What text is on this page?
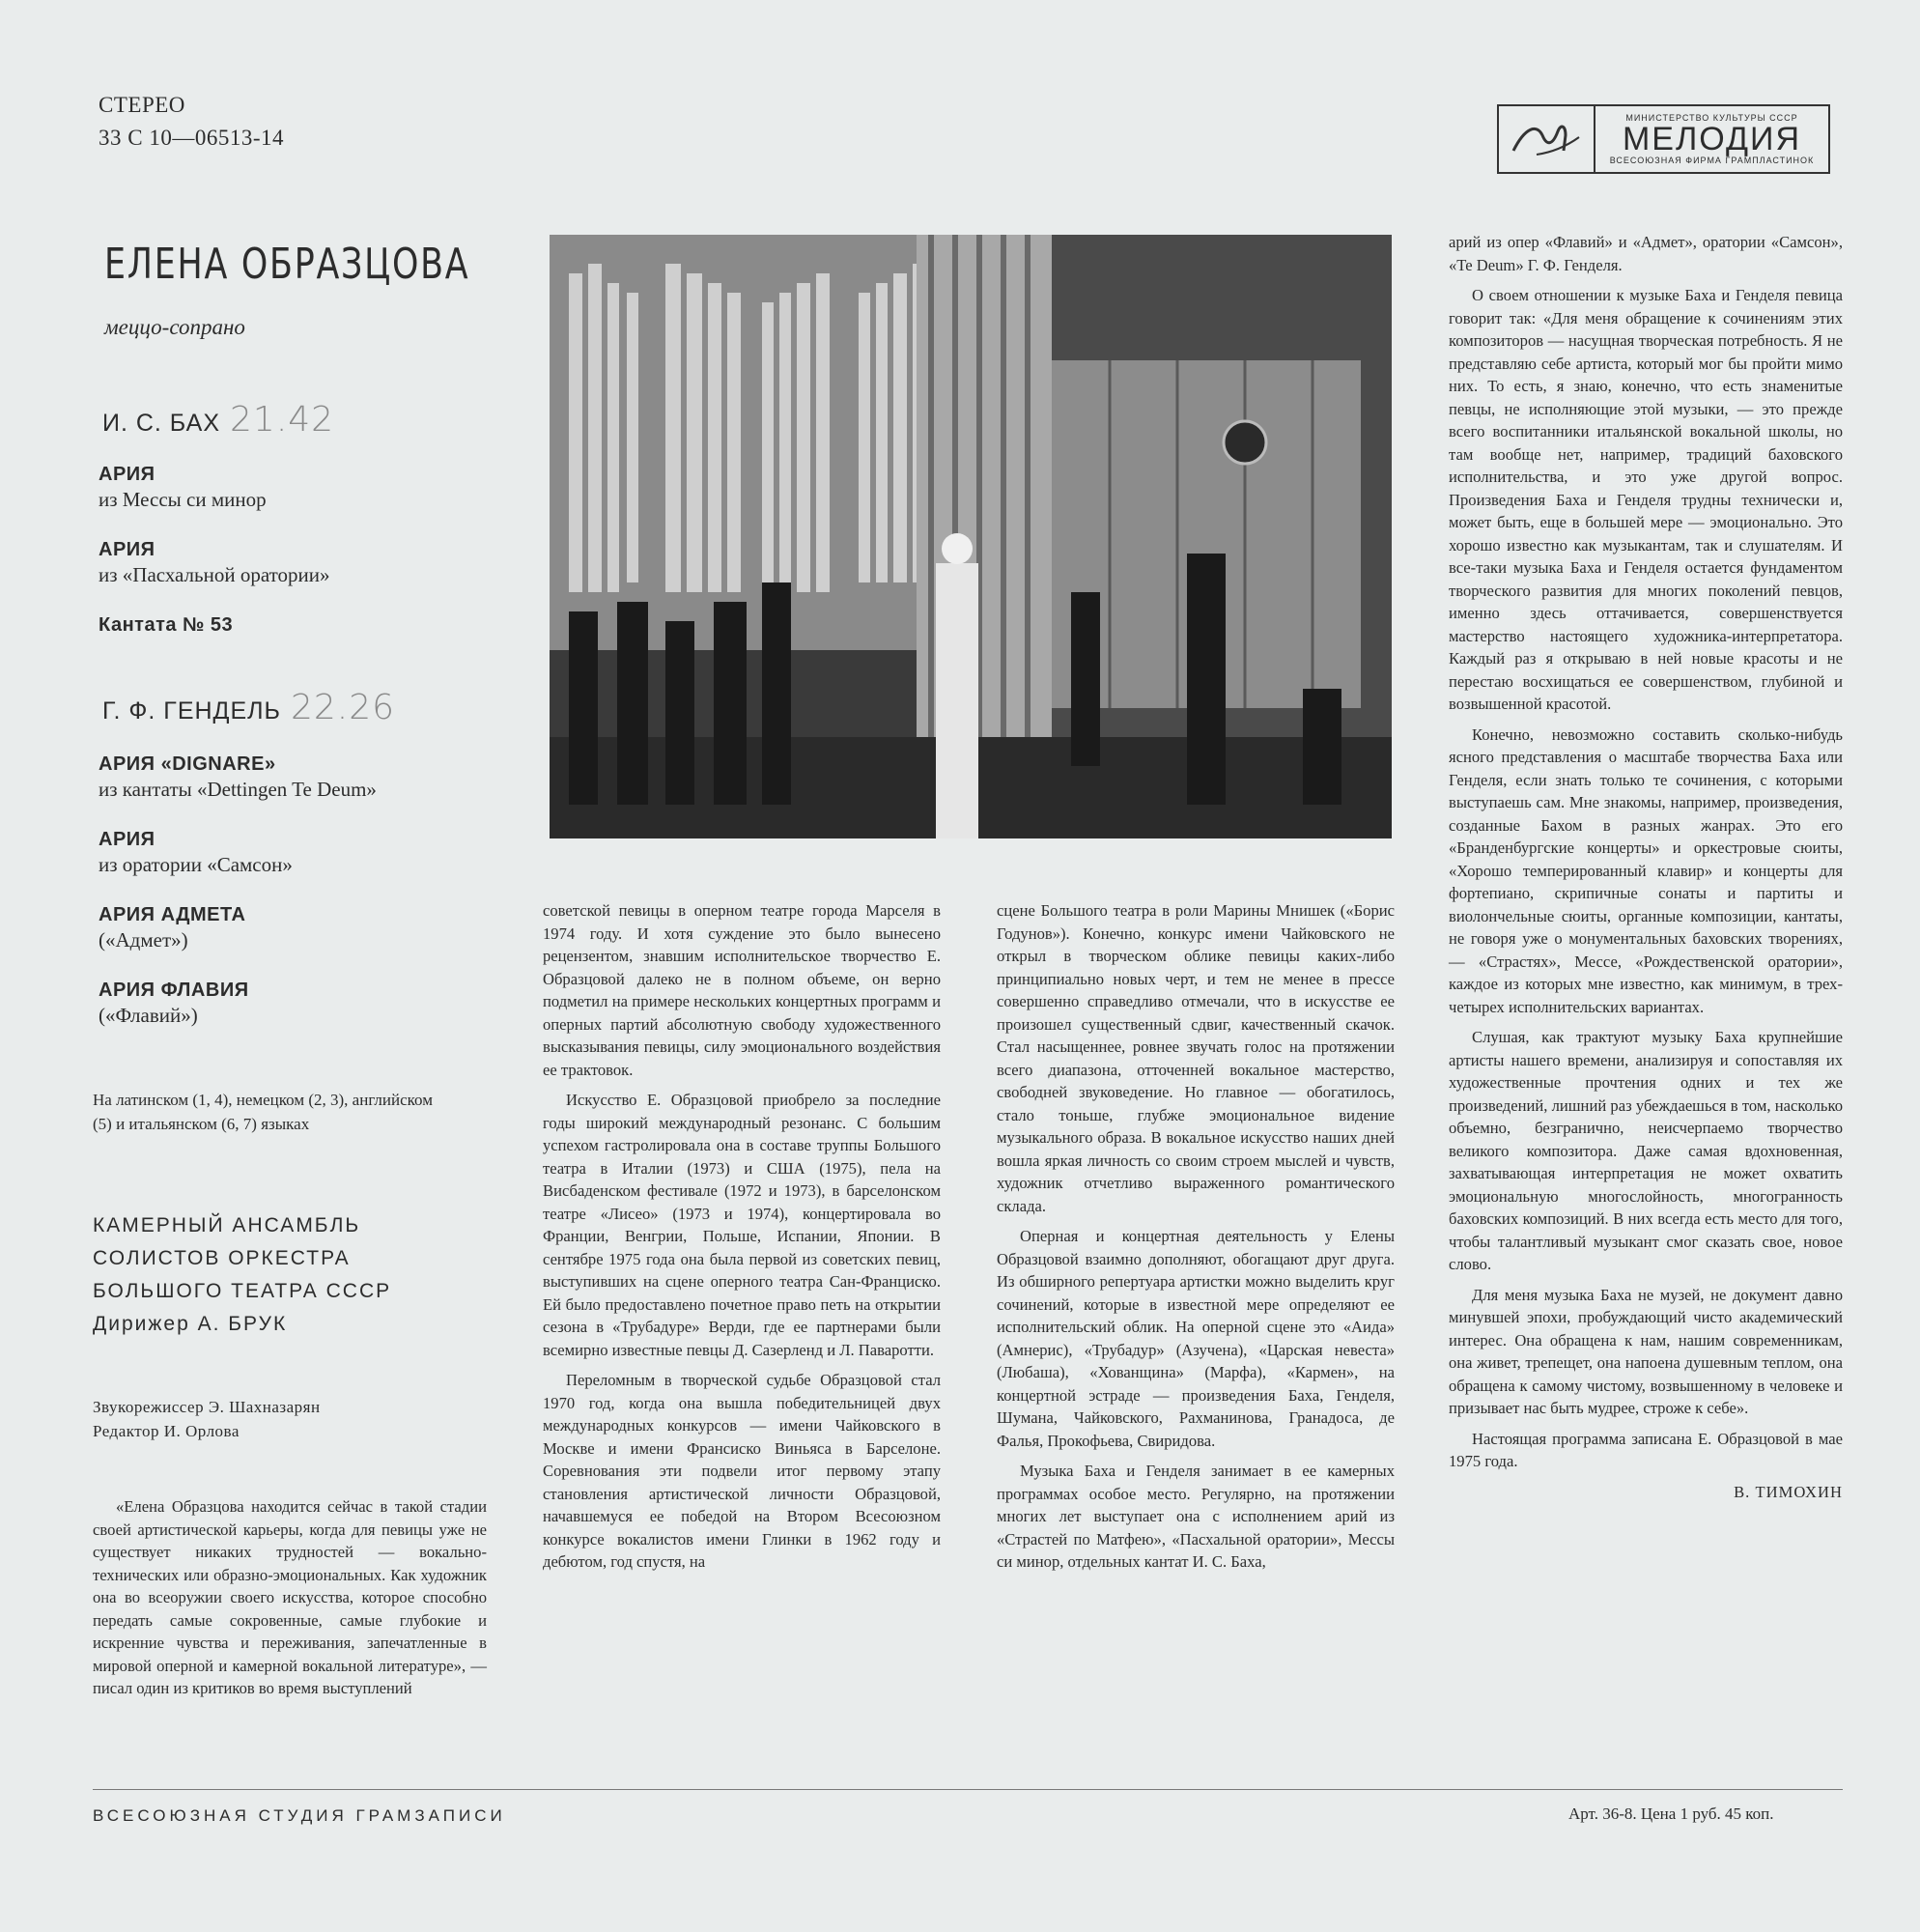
СТЕРЕО
33 С 10—06513-14
МИНИСТЕРСТВО КУЛЬТУРЫ СССР
МЕЛОДИЯ
ВСЕСОЮЗНАЯ ФИРМА ГРАМПЛАСТИНОК
ЕЛЕНА ОБРАЗЦОВА
меццо-сопрано
И. С. БАХ 21.42
АРИЯ
из Мессы си минор
АРИЯ
из «Пасхальной оратории»
Кантата № 53
Г. Ф. ГЕНДЕЛЬ 22.26
АРИЯ «DIGNARE»
из кантаты «Dettingen Te Deum»
АРИЯ
из оратории «Самсон»
АРИЯ АДМЕТА
(«Адмет»)
АРИЯ ФЛАВИЯ
(«Флавий»)
На латинском (1, 4), немецком (2, 3), английском (5) и итальянском (6, 7) языках
КАМЕРНЫЙ АНСАМБЛЬ
СОЛИСТОВ ОРКЕСТРА
БОЛЬШОГО ТЕАТРА СССР
Дирижер А. БРУК
Звукорежиссер Э. Шахназарян
Редактор И. Орлова

«Елена Образцова находится сейчас в такой стадии своей артистической карьеры, когда для певицы уже не существует никаких трудностей — вокально-технических или образно-эмоциональных. Как художник она во всеоружии своего искусства, которое способно передать самые сокровенные, самые глубокие и искренние чувства и переживания, запечатленные в мировой оперной и камерной вокальной литературе», — писал один из критиков во время выступлений

советской певицы в оперном театре города Марселя в 1974 году. И хотя суждение это было вынесено рецензентом, знавшим исполнительское творчество Е. Образцовой далеко не в полном объеме, он верно подметил на примере нескольких концертных программ и оперных партий абсолютную свободу художественного высказывания певицы, силу эмоционального воздействия ее трактовок.

Искусство Е. Образцовой приобрело за последние годы широкий международный резонанс. С большим успехом гастролировала она в составе труппы Большого театра в Италии (1973) и США (1975), пела на Висбаденском фестивале (1972 и 1973), в барселонском театре «Лисео» (1973 и 1974), концертировала во Франции, Венгрии, Польше, Испании, Японии. В сентябре 1975 года она была первой из советских певиц, выступивших на сцене оперного театра Сан-Франциско. Ей было предоставлено почетное право петь на открытии сезона в «Трубадуре» Верди, где ее партнерами были всемирно известные певцы Д. Сазерленд и Л. Паваротти.

Переломным в творческой судьбе Образцовой стал 1970 год, когда она вышла победительницей двух международных конкурсов — имени Чайковского в Москве и имени Франсиско Виньяса в Барселоне. Соревнования эти подвели итог первому этапу становления артистической личности Образцовой, начавшемуся ее победой на Втором Всесоюзном конкурсе вокалистов имени Глинки в 1962 году и дебютом, год спустя, на

сцене Большого театра в роли Марины Мнишек («Борис Годунов»). Конечно, конкурс имени Чайковского не открыл в творческом облике певицы каких-либо принципиально новых черт, и тем не менее в прессе совершенно справедливо отмечали, что в искусстве ее произошел существенный сдвиг, качественный скачок. Стал насыщеннее, ровнее звучать голос на протяжении всего диапазона, отточенней вокальное мастерство, свободней звуковедение. Но главное — обогатилось, стало тоньше, глубже эмоциональное видение музыкального образа. В вокальное искусство наших дней вошла яркая личность со своим строем мыслей и чувств, художник отчетливо выраженного романтического склада.

Оперная и концертная деятельность у Елены Образцовой взаимно дополняют, обогащают друг друга. Из обширного репертуара артистки можно выделить круг сочинений, которые в известной мере определяют ее исполнительский облик. На оперной сцене это «Аида» (Амнерис), «Трубадур» (Азучена), «Царская невеста» (Любаша), «Хованщина» (Марфа), «Кармен», на концертной эстраде — произведения Баха, Генделя, Шумана, Чайковского, Рахманинова, Гранадоса, де Фалья, Прокофьева, Свиридова.

Музыка Баха и Генделя занимает в ее камерных программах особое место. Регулярно, на протяжении многих лет выступает она с исполнением арий из «Страстей по Матфею», «Пасхальной оратории», Мессы си минор, отдельных кантат И. С. Баха,

арий из опер «Флавий» и «Адмет», оратории «Самсон», «Te Deum» Г. Ф. Генделя.

О своем отношении к музыке Баха и Генделя певица говорит так: «Для меня обращение к сочинениям этих композиторов — насущная творческая потребность. Я не представляю себе артиста, который мог бы пройти мимо них. То есть, я знаю, конечно, что есть знаменитые певцы, не исполняющие этой музыки, — это прежде всего воспитанники итальянской вокальной школы, но там вообще нет, например, традиций баховского исполнительства, и это уже другой вопрос. Произведения Баха и Генделя трудны технически и, может быть, еще в большей мере — эмоционально. Это хорошо известно как музыкантам, так и слушателям. И все-таки музыка Баха и Генделя остается фундаментом творческого развития для многих поколений певцов, именно здесь оттачивается, совершенствуется мастерство настоящего художника-интерпретатора. Каждый раз я открываю в ней новые красоты и не перестаю восхищаться ее совершенством, глубиной и возвышенной красотой.

Конечно, невозможно составить сколько-нибудь ясного представления о масштабе творчества Баха или Генделя, если знать только те сочинения, с которыми выступаешь сам. Мне знакомы, например, произведения, созданные Бахом в разных жанрах. Это его «Бранденбургские концерты» и оркестровые сюиты, «Хорошо темперированный клавир» и концерты для фортепиано, скрипичные сонаты и партиты и виолончельные сюиты, органные композиции, кантаты, не говоря уже о монументальных баховских творениях, — «Страстях», Мессе, «Рождественской оратории», каждое из которых мне известно, как минимум, в трех-четырех исполнительских вариантах.

Слушая, как трактуют музыку Баха крупнейшие артисты нашего времени, анализируя и сопоставляя их художественные прочтения одних и тех же произведений, лишний раз убеждаешься в том, насколько объемно, безгранично, неисчерпаемо творчество великого композитора. Даже самая вдохновенная, захватывающая интерпретация не может охватить эмоциональную многослойность, многогранность баховских композиций. В них всегда есть место для того, чтобы талантливый музыкант смог сказать свое, новое слово.

Для меня музыка Баха не музей, не документ давно минувшей эпохи, пробуждающий чисто академический интерес. Она обращена к нам, нашим современникам, она живет, трепещет, она напоена душевным теплом, она обращена к самому чистому, возвышенному в человеке и призывает нас быть мудрее, строже к себе».

Настоящая программа записана Е. Образцовой в мае 1975 года.

В. ТИМОХИН
ВСЕСОЮЗНАЯ СТУДИЯ ГРАМЗАПИСИ	Арт. 36-8. Цена 1 руб. 45 коп.
